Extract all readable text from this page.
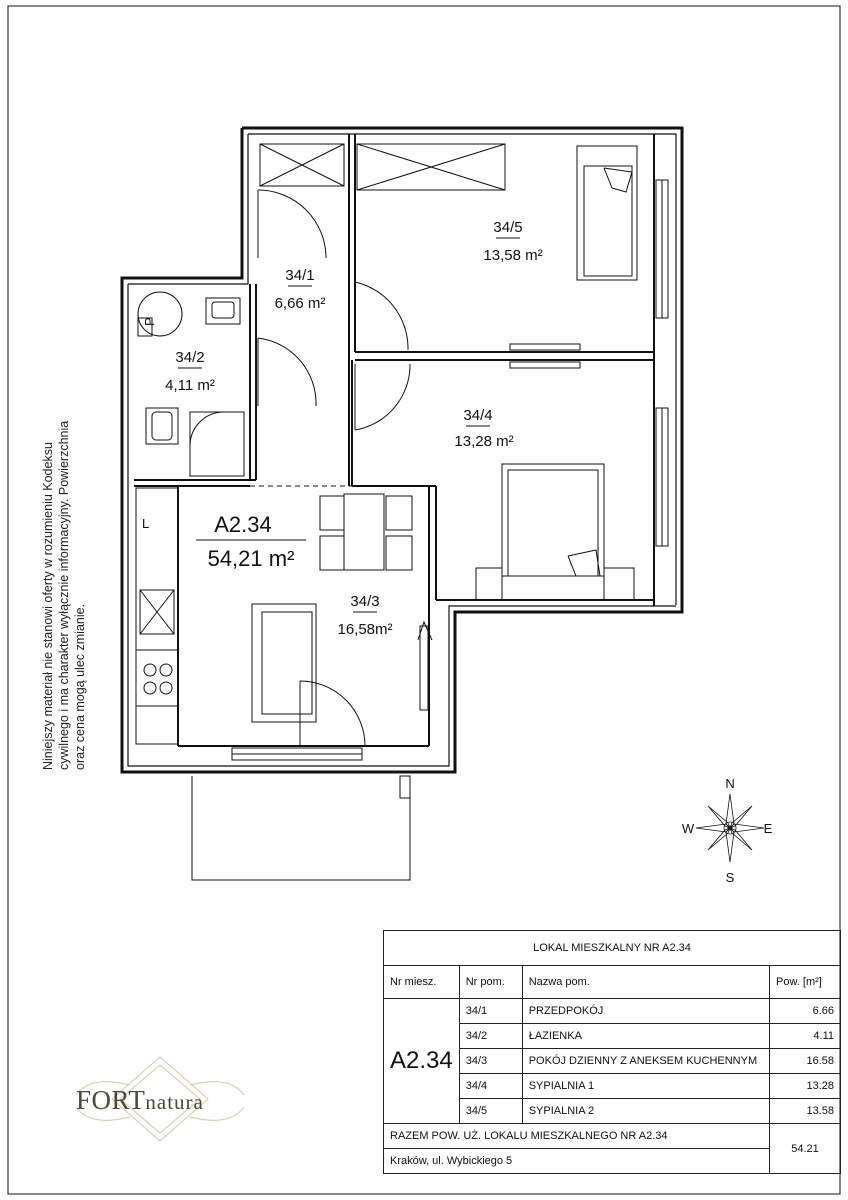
P
L
34/1
6,66 m²
34/2
4,11 m²
34/3
16,58m²
34/4
13,28 m²
34/5
13,58 m²
A2.34
54,21 m²
N
S
E
W
Niniejszy materiał nie stanowi oferty w rozumieniu Kodeksu cywilnego i ma charakter wyłącznie informacyjny. Powierzchnia oraz cena mogą ulec zmianie.
FORTnatura
LOKAL MIESZKALNY NR A2.34			
Nr miesz.	Nr pom.	Nazwa pom.	Pow. [m²]
A2.34	34/1	PRZEDPOKÓJ	6.66
	34/2	ŁAZIENKA	4.11
	34/3	POKÓJ DZIENNY Z ANEKSEM KUCHENNYM	16.58
	34/4	SYPIALNIA 1	13.28
	34/5	SYPIALNIA 2	13.58
RAZEM POW. UŻ. LOKALU MIESZKALNEGO NR A2.34			54.21
Kraków, ul. Wybickiego 5			
